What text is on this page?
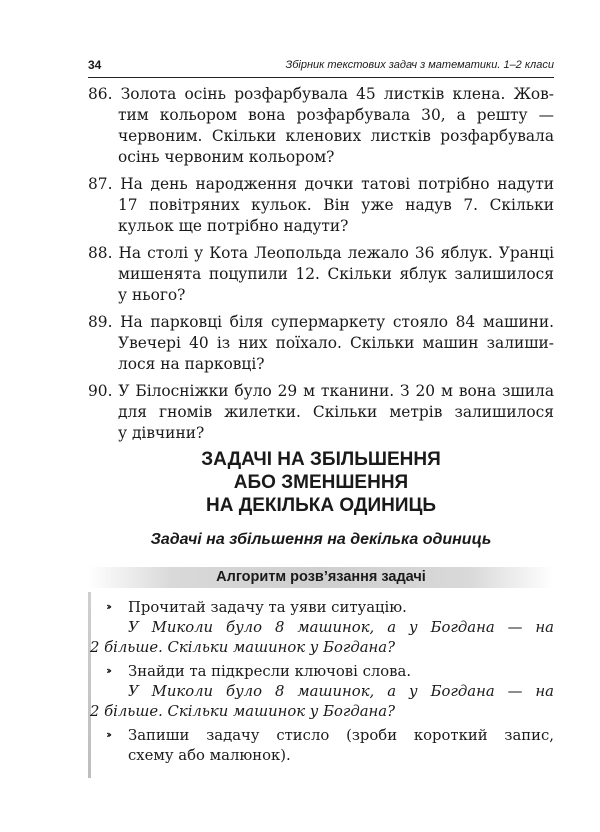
34	Збірник текстових задач з математики. 1–2 класи
86. Золота осінь розфарбувала 45 листків клена. Жов-
тим кольором вона розфарбувала 30, а решту —
червоним. Скільки кленових листків розфарбувала
осінь червоним кольором?
87. На день народження дочки татові потрібно надути
17 повітряних кульок. Він уже надув 7. Скільки
кульок ще потрібно надути?
88. На столі у Кота Леопольда лежало 36 яблук. Уранці
мишенята поцупили 12. Скільки яблук залишилося
у нього?
89. На парковці біля супермаркету стояло 84 машини.
Увечері 40 із них поїхало. Скільки машин залиши-
лося на парковці?
90. У Білосніжки було 29 м тканини. З 20 м вона зшила
для гномів жилетки. Скільки метрів залишилося
у дівчини?
ЗАДАЧІ НА ЗБІЛЬШЕННЯ
АБО ЗМЕНШЕННЯ
НА ДЕКІЛЬКА ОДИНИЦЬ
Задачі на збільшення на декілька одиниць
Алгоритм розв’язання задачі
››	Прочитай задачу та уяви ситуацію.
У Миколи було 8 машинок, а у Богдана — на
2 більше. Скільки машинок у Богдана?
››	Знайди та підкресли ключові слова.
У Миколи було 8 машинок, а у Богдана — на
2 більше. Скільки машинок у Богдана?
››	Запиши задачу стисло (зроби короткий запис,
схему або малюнок).
